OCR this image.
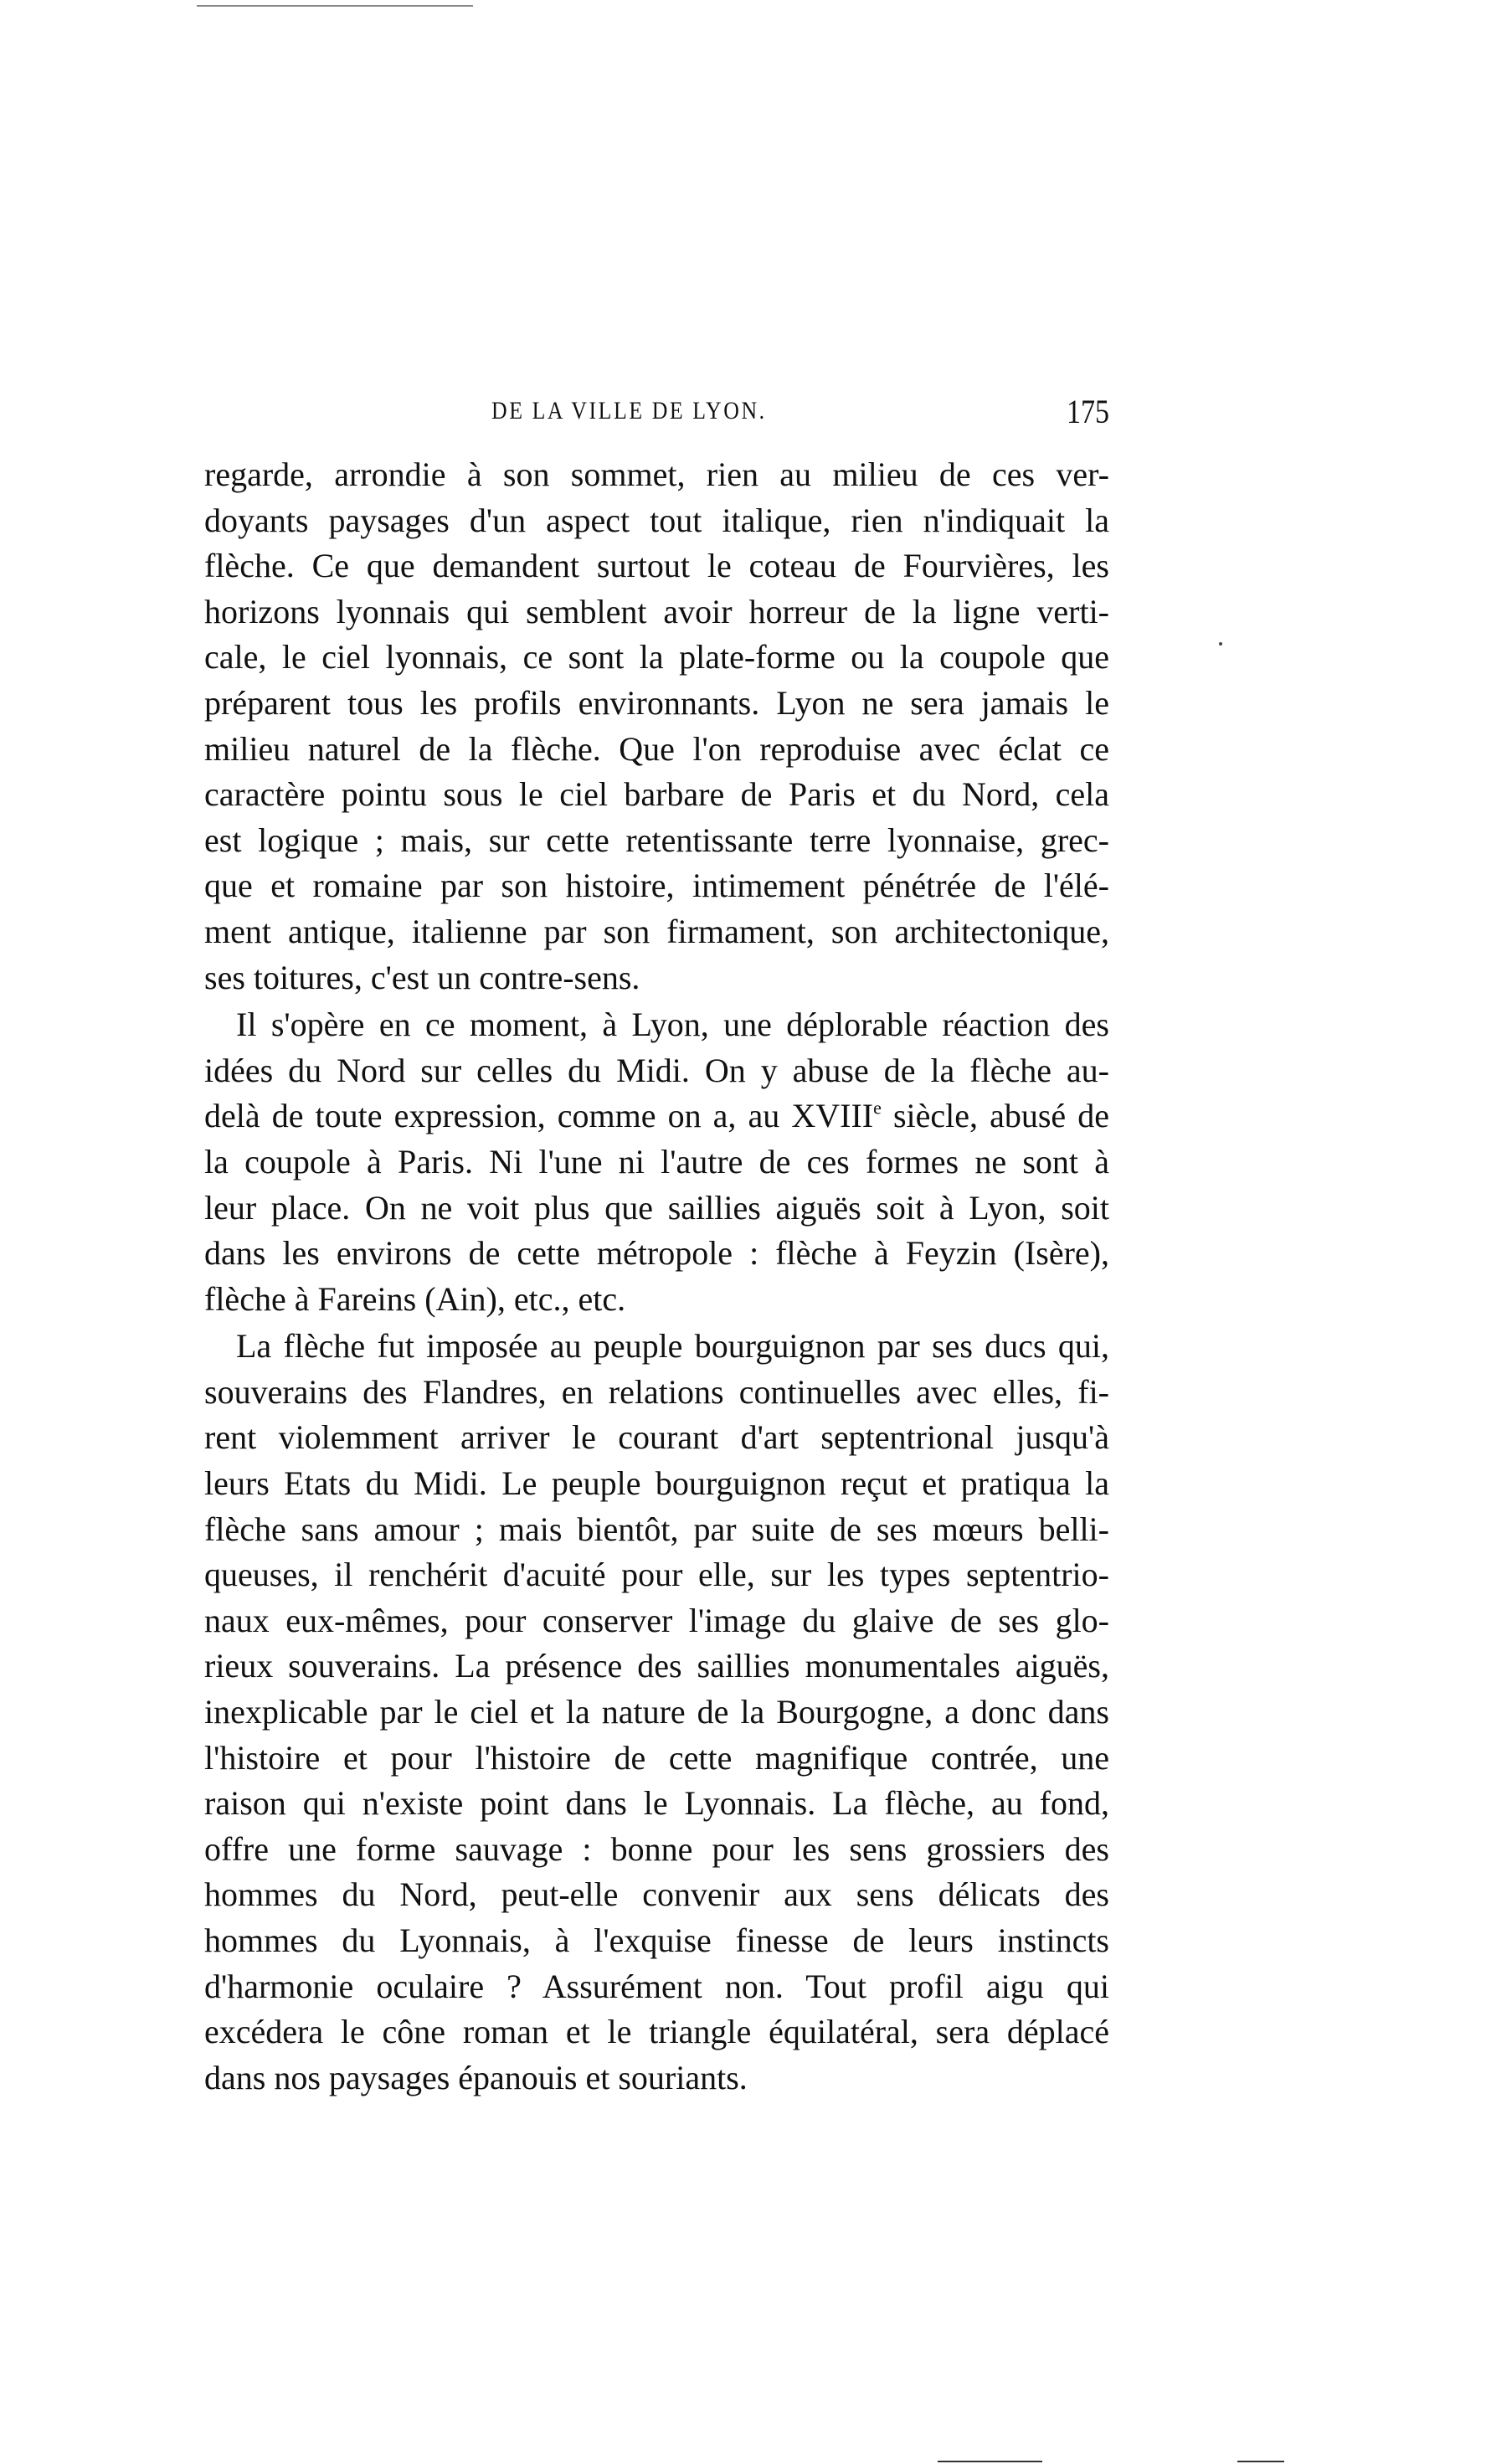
DE LA VILLE DE LYON.	175
regarde, arrondie à son sommet, rien au milieu de ces ver-
doyants paysages d'un aspect tout italique, rien n'indiquait la
flèche. Ce que demandent surtout le coteau de Fourvières, les
horizons lyonnais qui semblent avoir horreur de la ligne verti-
cale, le ciel lyonnais, ce sont la plate-forme ou la coupole que
préparent tous les profils environnants. Lyon ne sera jamais le
milieu naturel de la flèche. Que l'on reproduise avec éclat ce
caractère pointu sous le ciel barbare de Paris et du Nord, cela
est logique ; mais, sur cette retentissante terre lyonnaise, grec-
que et romaine par son histoire, intimement pénétrée de l'élé-
ment antique, italienne par son firmament, son architectonique,
ses toitures, c'est un contre-sens.
Il s'opère en ce moment, à Lyon, une déplorable réaction des
idées du Nord sur celles du Midi. On y abuse de la flèche au-
delà de toute expression, comme on a, au XVIIIe siècle, abusé de
la coupole à Paris. Ni l'une ni l'autre de ces formes ne sont à
leur place. On ne voit plus que saillies aiguës soit à Lyon, soit
dans les environs de cette métropole : flèche à Feyzin (Isère),
flèche à Fareins (Ain), etc., etc.
La flèche fut imposée au peuple bourguignon par ses ducs qui,
souverains des Flandres, en relations continuelles avec elles, fi-
rent violemment arriver le courant d'art septentrional jusqu'à
leurs Etats du Midi. Le peuple bourguignon reçut et pratiqua la
flèche sans amour ; mais bientôt, par suite de ses mœurs belli-
queuses, il renchérit d'acuité pour elle, sur les types septentrio-
naux eux-mêmes, pour conserver l'image du glaive de ses glo-
rieux souverains. La présence des saillies monumentales aiguës,
inexplicable par le ciel et la nature de la Bourgogne, a donc dans
l'histoire et pour l'histoire de cette magnifique contrée, une
raison qui n'existe point dans le Lyonnais. La flèche, au fond,
offre une forme sauvage : bonne pour les sens grossiers des
hommes du Nord, peut-elle convenir aux sens délicats des
hommes du Lyonnais, à l'exquise finesse de leurs instincts
d'harmonie oculaire ? Assurément non. Tout profil aigu qui
excédera le cône roman et le triangle équilatéral, sera déplacé
dans nos paysages épanouis et souriants.
